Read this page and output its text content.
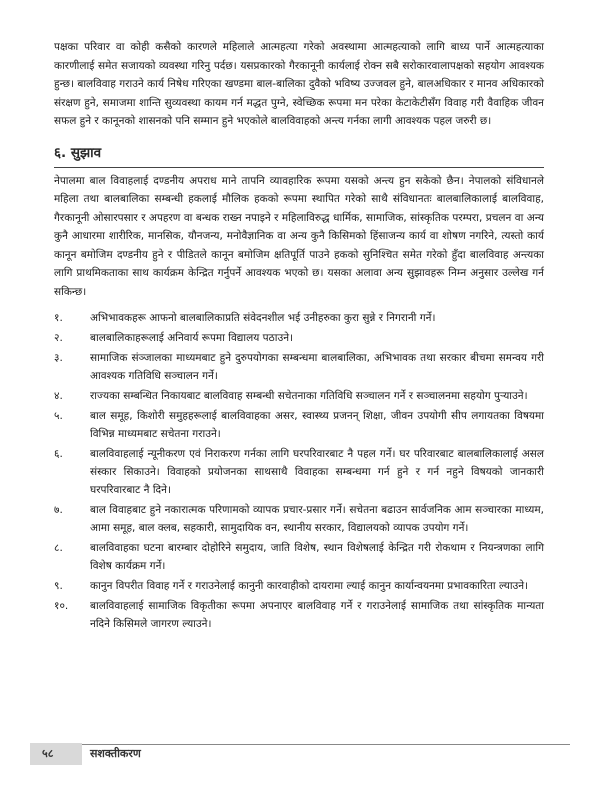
पक्षका परिवार वा कोही कसैको कारणले महिलाले आत्महत्या गरेको अवस्थामा आत्महत्याको लागि बाध्य पार्ने आत्महत्याका कारणीलाई समेत सजायको व्यवस्था गरिनु पर्दछ। यसप्रकारको गैरकानूनी कार्यलाई रोक्न सबै सरोकारवालापक्षको सहयोग आवश्यक हुन्छ। बालविवाह गराउने कार्य निषेध गरिएका खण्डमा बाल-बालिका दुवैको भविष्य उज्जवल हुने, बालअधिकार र मानव अधिकारको संरक्षण हुने, समाजमा शान्ति सुव्यवस्था कायम गर्न मद्धत पुग्ने, स्वेच्छिक रूपमा मन परेका केटाकेटीसँग विवाह गरी वैवाहिक जीवन सफल हुने र कानूनको शासनको पनि सम्मान हुने भएकोले बालविवाहको अन्त्य गर्नका लागी आवश्यक पहल जरुरी छ।

६. सुझाव

नेपालमा बाल विवाहलाई दण्डनीय अपराध माने तापनि व्यावहारिक रूपमा यसको अन्त्य हुन सकेको छैन। नेपालको संविधानले महिला तथा बालबालिका सम्बन्धी हकलाई मौलिक हकको रूपमा स्थापित गरेको साथै संविधानतः बालबालिकालाई बालविवाह, गैरकानूनी ओसारपसार र अपहरण वा बन्धक राख्न नपाइने र महिलाविरुद्ध धार्मिक, सामाजिक, सांस्कृतिक परम्परा, प्रचलन वा अन्य कुनै आधारमा शारीरिक, मानसिक, यौनजन्य, मनोवैज्ञानिक वा अन्य कुनै किसिमको हिंसाजन्य कार्य वा शोषण नगरिने, त्यस्तो कार्य कानून बमोजिम दण्डनीय हुने र पीडितले कानून बमोजिम क्षतिपूर्ति पाउने हकको सुनिश्चित समेत गरेको हुँदा बालविवाह अन्त्यका लागि प्राथमिकताका साथ कार्यक्रम केन्द्रित गर्नुपर्ने आवश्यक भएको छ। यसका अलावा अन्य सुझावहरू निम्न अनुसार उल्लेख गर्न सकिन्छ।

१.	अभिभावकहरू आफनो बालबालिकाप्रति संवेदनशील भई उनीहरुका कुरा सुन्ने र निगरानी गर्ने।
२.	बालबालिकाहरूलाई अनिवार्य रूपमा विद्यालय पठाउने।
३.	सामाजिक संञ्जालका माध्यमबाट हुने दुरुपयोगका सम्बन्धमा बालबालिका, अभिभावक तथा सरकार बीचमा समन्वय गरी आवश्यक गतिविधि सञ्चालन गर्ने।
४.	राज्यका सम्बन्धित निकायबाट बालविवाह सम्बन्धी सचेतनाका गतिविधि सञ्चालन गर्ने र सञ्चालनमा सहयोग पुऱ्याउने।
५.	बाल समूह, किशोरी समुहहरूलाई बालविवाहका असर, स्वास्थ्य प्रजनन् शिक्षा, जीवन उपयोगी सीप लगायतका विषयमा विभिन्न माध्यमबाट सचेतना गराउने।
६.	बालविवाहलाई न्यूनीकरण एवं निराकरण गर्नका लागि घरपरिवारबाट नै पहल गर्ने। घर परिवारबाट बालबालिकालाई असल संस्कार सिकाउने। विवाहको प्रयोजनका साथसाथै विवाहका सम्बन्धमा गर्न हुने र गर्न नहुने विषयको जानकारी घरपरिवारबाट नै दिने।
७.	बाल विवाहबाट हुने नकारात्मक परिणामको व्यापक प्रचार-प्रसार गर्ने। सचेतना बढाउन सार्वजनिक आम सञ्चारका माध्यम, आमा समूह, बाल क्लब, सहकारी, सामुदायिक वन, स्थानीय सरकार, विद्यालयको व्यापक उपयोग गर्ने।
८.	बालविवाहका घटना बारम्बार दोहोरिने समुदाय, जाति विशेष, स्थान विशेषलाई केन्द्रित गरी रोकथाम र नियन्त्रणका लागि विशेष कार्यक्रम गर्ने।
९.	कानुन विपरीत विवाह गर्ने र गराउनेलाई कानुनी कारवाहीको दायरामा ल्याई कानुन कार्यान्वयनमा प्रभावकारिता ल्याउने।
१०.	बालविवाहलाई सामाजिक विकृतीका रूपमा अपनाएर बालविवाह गर्ने र गराउनेलाई सामाजिक तथा सांस्कृतिक मान्यता नदिने किसिमले जागरण ल्याउने।
५८	सशक्तीकरण
